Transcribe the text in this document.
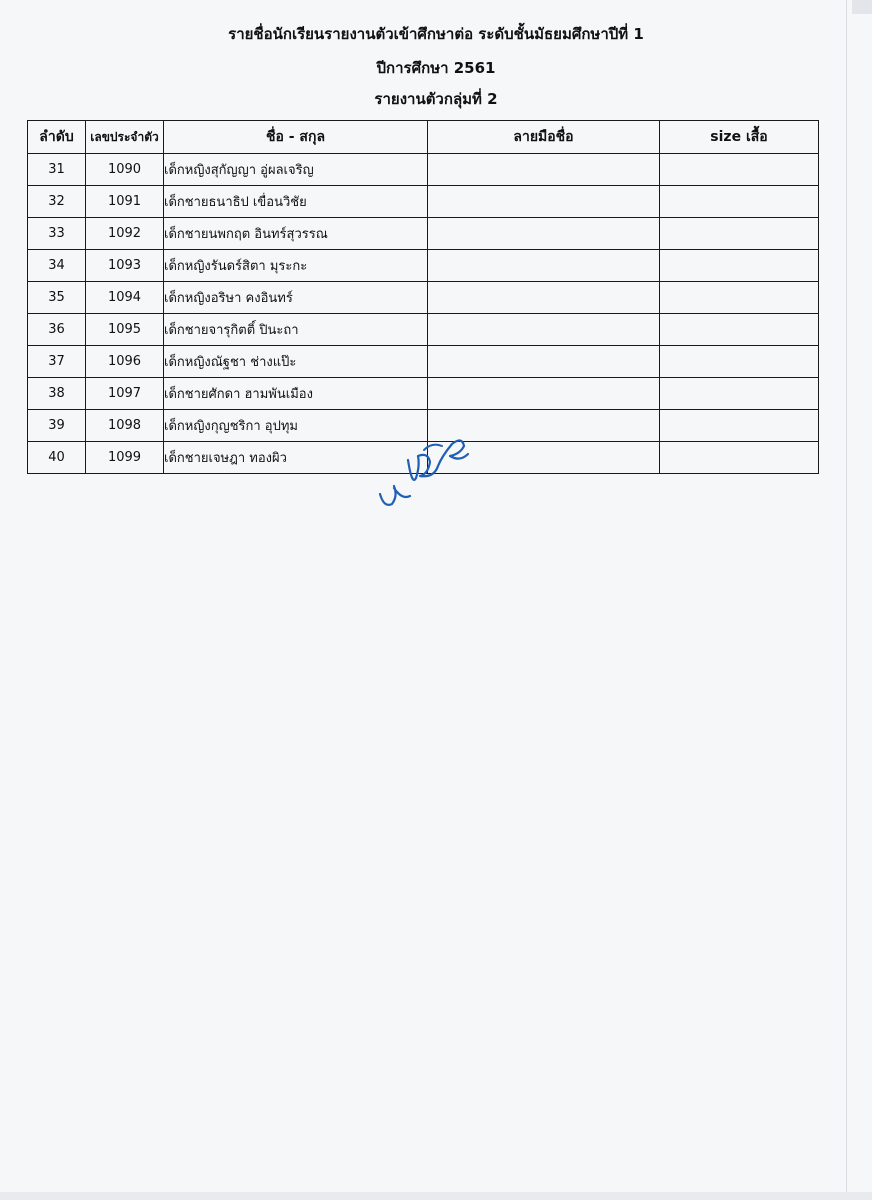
รายชื่อนักเรียนรายงานตัวเข้าศึกษาต่อ ระดับชั้นมัธยมศึกษาปีที่ 1
ปีการศึกษา 2561
รายงานตัวกลุ่มที่ 2
ลำดับ	เลขประจำตัว	ชื่อ - สกุล	ลายมือชื่อ	size เสื้อ
31	1090	เด็กหญิงสุกัญญา อู่ผลเจริญ		
32	1091	เด็กชายธนาธิป เขื่อนวิชัย		
33	1092	เด็กชายนพกฤต อินทร์สุวรรณ		
34	1093	เด็กหญิงรันดร์สิตา มุระกะ		
35	1094	เด็กหญิงอริษา คงอินทร์		
36	1095	เด็กชายจารุกิตติ์ ปินะถา		
37	1096	เด็กหญิงณัฐชา ช่างแป๊ะ		
38	1097	เด็กชายศักดา ฮามพันเมือง		
39	1098	เด็กหญิงกุญชริกา อุปทุม		
40	1099	เด็กชายเจษฎา ทองผิว		
